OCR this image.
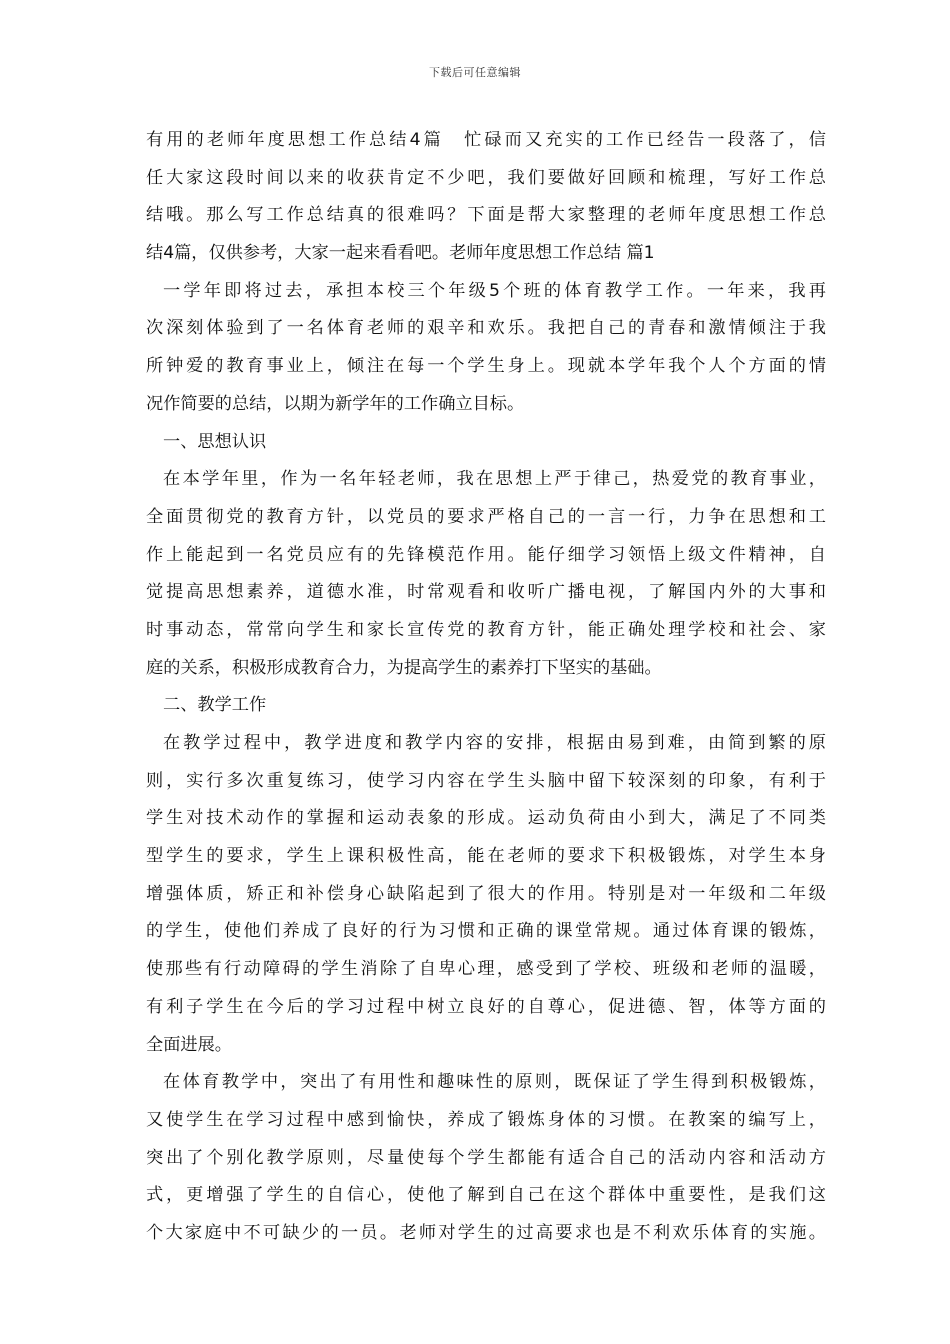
下载后可任意编辑
有用的老师年度思想工作总结4篇　忙碌而又充实的工作已经告一段落了，信
任大家这段时间以来的收获肯定不少吧，我们要做好回顾和梳理，写好工作总
结哦。那么写工作总结真的很难吗？下面是帮大家整理的老师年度思想工作总
结4篇，仅供参考，大家一起来看看吧。老师年度思想工作总结 篇1
一学年即将过去，承担本校三个年级5个班的体育教学工作。一年来，我再
次深刻体验到了一名体育老师的艰辛和欢乐。我把自己的青春和激情倾注于我
所钟爱的教育事业上，倾注在每一个学生身上。现就本学年我个人个方面的情
况作简要的总结，以期为新学年的工作确立目标。
一、思想认识
在本学年里，作为一名年轻老师，我在思想上严于律己，热爱党的教育事业，
全面贯彻党的教育方针，以党员的要求严格自己的一言一行，力争在思想和工
作上能起到一名党员应有的先锋模范作用。能仔细学习领悟上级文件精神，自
觉提高思想素养，道德水准，时常观看和收听广播电视，了解国内外的大事和
时事动态，常常向学生和家长宣传党的教育方针，能正确处理学校和社会、家
庭的关系，积极形成教育合力，为提高学生的素养打下坚实的基础。
二、教学工作
在教学过程中，教学进度和教学内容的安排，根据由易到难，由简到繁的原
则，实行多次重复练习，使学习内容在学生头脑中留下较深刻的印象，有利于
学生对技术动作的掌握和运动表象的形成。运动负荷由小到大，满足了不同类
型学生的要求，学生上课积极性高，能在老师的要求下积极锻炼，对学生本身
增强体质，矫正和补偿身心缺陷起到了很大的作用。特别是对一年级和二年级
的学生，使他们养成了良好的行为习惯和正确的课堂常规。通过体育课的锻炼，
使那些有行动障碍的学生消除了自卑心理，感受到了学校、班级和老师的温暖，
有利子学生在今后的学习过程中树立良好的自尊心，促进德、智，体等方面的
全面进展。
在体育教学中，突出了有用性和趣味性的原则，既保证了学生得到积极锻炼，
又使学生在学习过程中感到愉快，养成了锻炼身体的习惯。在教案的编写上，
突出了个别化教学原则，尽量使每个学生都能有适合自己的活动内容和活动方
式，更增强了学生的自信心，使他了解到自己在这个群体中重要性，是我们这
个大家庭中不可缺少的一员。老师对学生的过高要求也是不利欢乐体育的实施。
